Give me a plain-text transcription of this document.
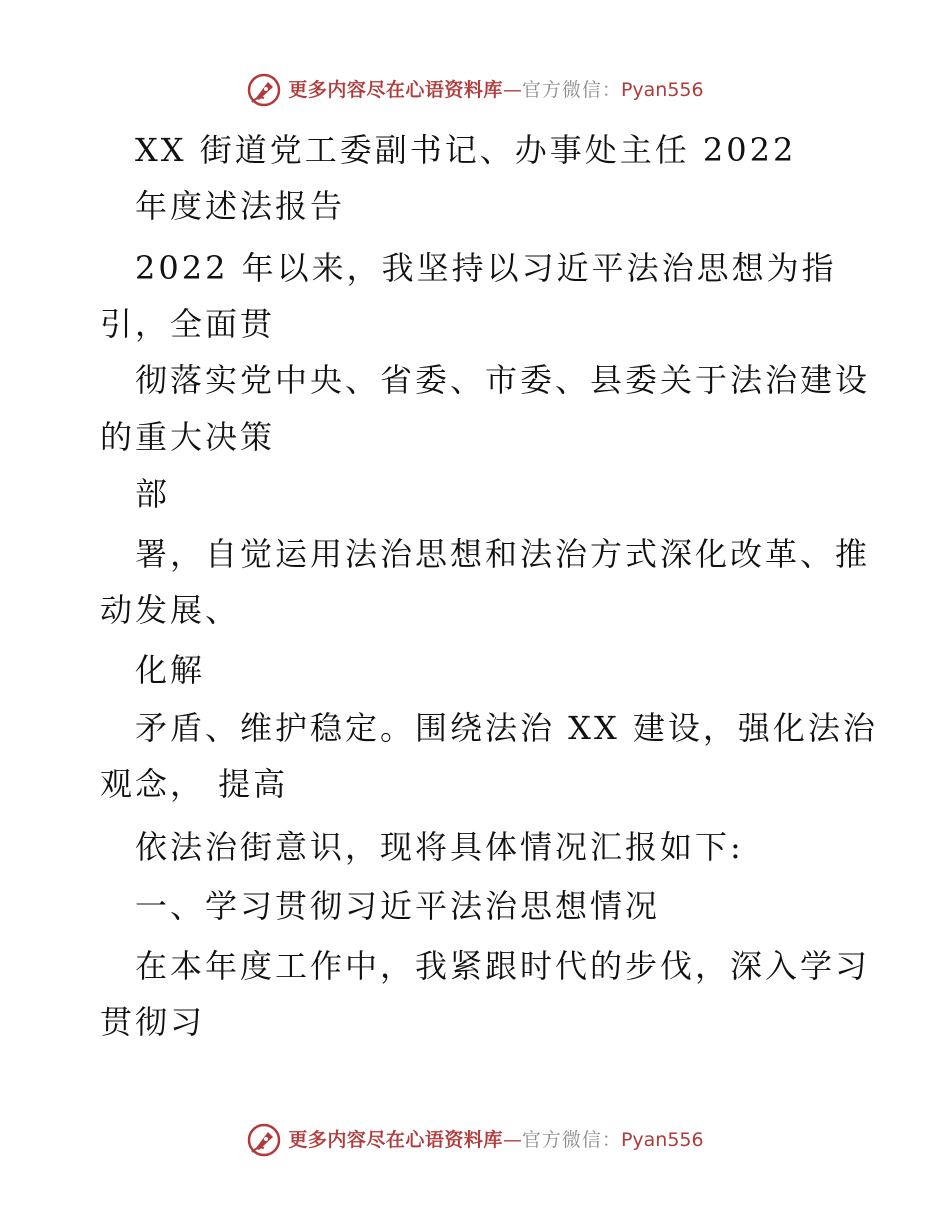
更多内容尽在心语资料库 — 官方微信 ： Pyan556
XX 街道党工委副书记、办事处主任 2022
年度述法报告
2022 年以来，我坚持以习近平法治思想为指
引，全面贯
彻落实党中央、省委、市委、县委关于法治建设
的重大决策
部
署，自觉运用法治思想和法治方式深化改革、推
动发展、
化解
矛盾、维护稳定。围绕法治 XX 建设，强化法治
观念， 提高
依法治街意识，现将具体情况汇报如下:
一、学习贯彻习近平法治思想情况
在本年度工作中，我紧跟时代的步伐，深入学习
贯彻习
更多内容尽在心语资料库 — 官方微信 ： Pyan556
